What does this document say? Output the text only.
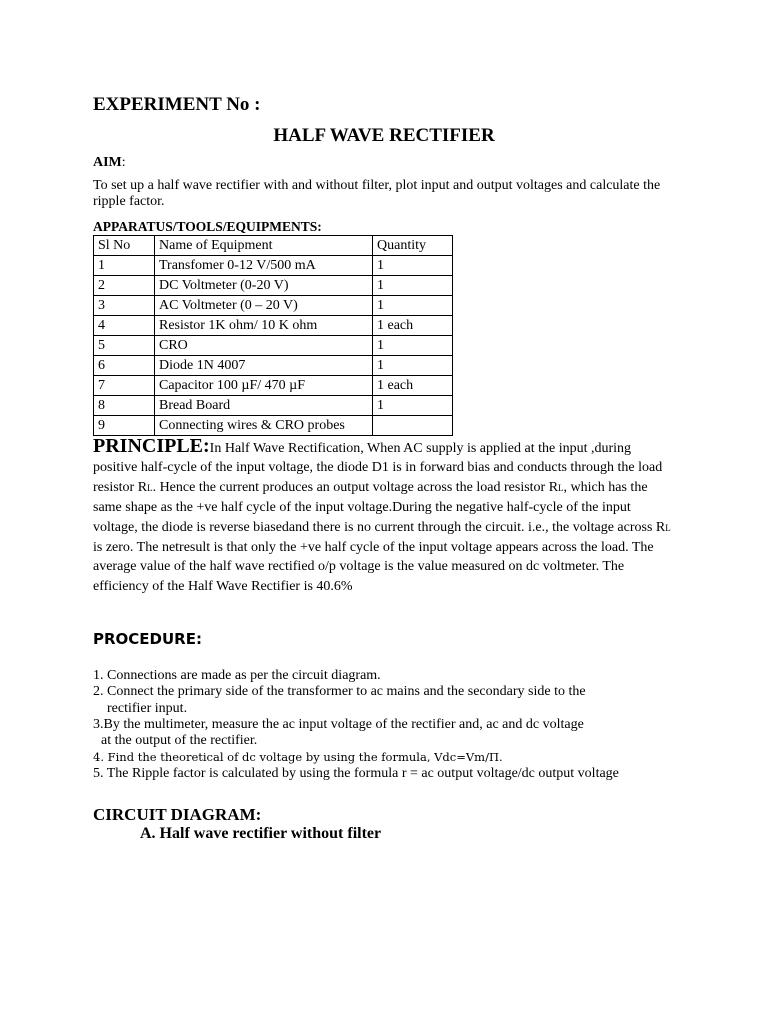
EXPERIMENT No :
HALF WAVE RECTIFIER
AIM:
To set up a half wave rectifier with and without filter, plot input and output voltages and calculate the ripple factor.
APPARATUS/TOOLS/EQUIPMENTS:
Sl No	Name of Equipment	Quantity
1	Transfomer 0-12 V/500 mA	1
2	DC Voltmeter (0-20 V)	1
3	AC Voltmeter (0 – 20 V)	1
4	Resistor 1K ohm/ 10 K ohm	1 each
5	CRO	1
6	Diode 1N 4007	1
7	Capacitor 100 µF/ 470 µF	1 each
8	Bread Board	1
9	Connecting wires & CRO probes	
PRINCIPLE:In Half Wave Rectification, When AC supply is applied at the input ,during positive half-cycle of the input voltage, the diode D1 is in forward bias and conducts through the load resistor RL. Hence the current produces an output voltage across the load resistor RL, which has the same shape as the +ve half cycle of the input voltage.During the negative half-cycle of the input voltage, the diode is reverse biasedand there is no current through the circuit. i.e., the voltage across RL is zero. The netresult is that only the +ve half cycle of the input voltage appears across the load. The average value of the half wave rectified o/p voltage is the value measured on dc voltmeter. The efficiency of the Half Wave Rectifier is 40.6%
PROCEDURE:
1. Connections are made as per the circuit diagram.
2. Connect the primary side of the transformer to ac mains and the secondary side to the
rectifier input.
3.By the multimeter, measure the ac input voltage of the rectifier and, ac and dc voltage
at the output of the rectifier.
4. Find the theoretical of dc voltage by using the formula, Vdc=Vm/Π.
5. The Ripple factor is calculated by using the formula r = ac output voltage/dc output voltage
CIRCUIT DIAGRAM:
A. Half wave rectifier without filter
